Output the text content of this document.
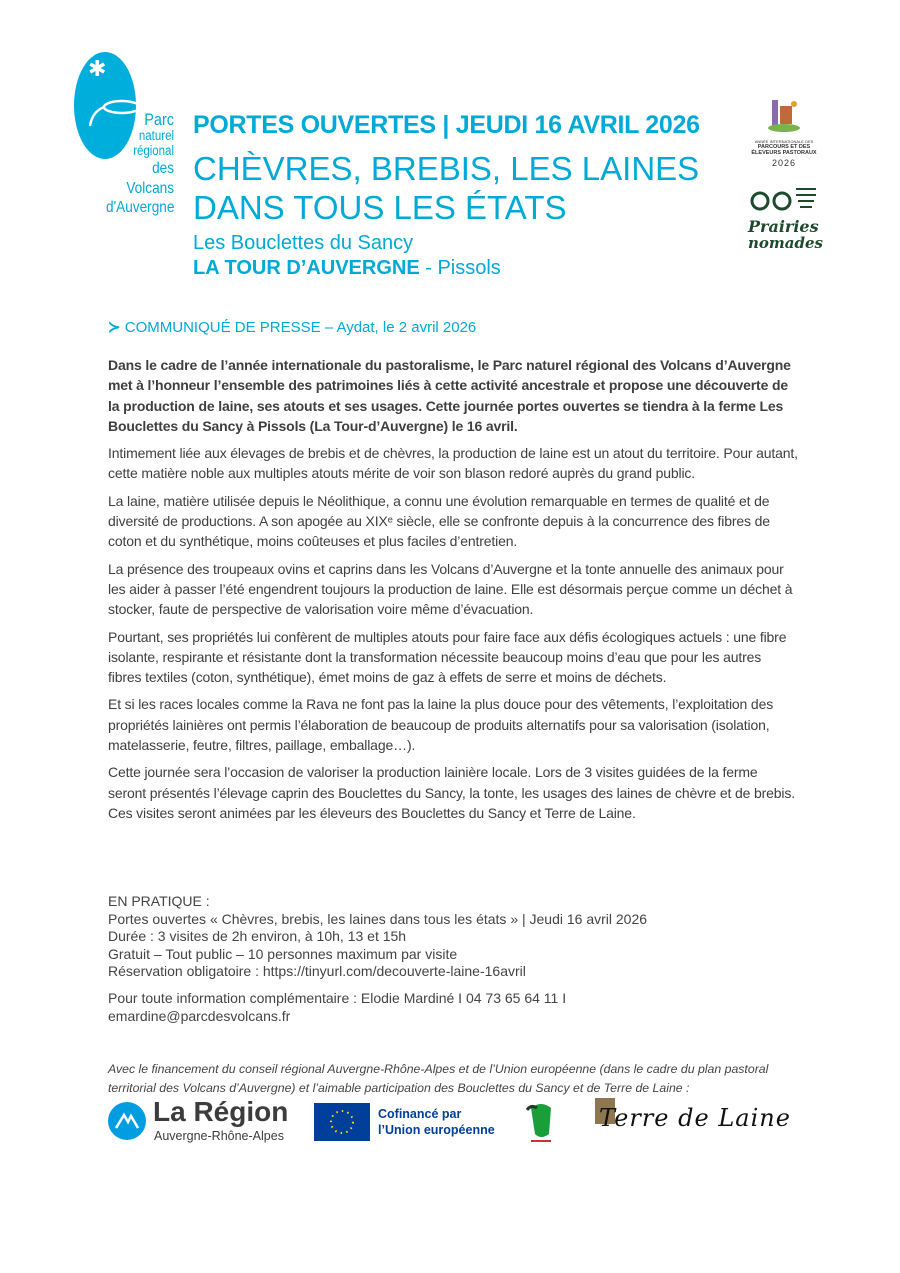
✱
Parc
naturel
régional
des Volcans
d'Auvergne
PORTES OUVERTES | JEUDI 16 AVRIL 2026
CHÈVRES, BREBIS, LES LAINES
DANS TOUS LES ÉTATS
Les Bouclettes du Sancy
LA TOUR D’AUVERGNE - Pissols
ANNÉE INTERNATIONALE DES
PARCOURS ET DES
ÉLEVEURS PASTORAUX
2026
Prairies
nomades
≻ COMMUNIQUÉ DE PRESSE – Aydat, le 2 avril 2026

Dans le cadre de l’année internationale du pastoralisme, le Parc naturel régional des Volcans d’Auvergne met à l’honneur l’ensemble des patrimoines liés à cette activité ancestrale et propose une découverte de la production de laine, ses atouts et ses usages. Cette journée portes ouvertes se tiendra à la ferme Les Bouclettes du Sancy à Pissols (La Tour-d’Auvergne) le 16 avril.

Intimement liée aux élevages de brebis et de chèvres, la production de laine est un atout du territoire. Pour autant, cette matière noble aux multiples atouts mérite de voir son blason redoré auprès du grand public.

La laine, matière utilisée depuis le Néolithique, a connu une évolution remarquable en termes de qualité et de diversité de productions. A son apogée au XIXᵉ siècle, elle se confronte depuis à la concurrence des fibres de coton et du synthétique, moins coûteuses et plus faciles d’entretien.

La présence des troupeaux ovins et caprins dans les Volcans d’Auvergne et la tonte annuelle des animaux pour les aider à passer l’été engendrent toujours la production de laine. Elle est désormais perçue comme un déchet à stocker, faute de perspective de valorisation voire même d’évacuation.

Pourtant, ses propriétés lui confèrent de multiples atouts pour faire face aux défis écologiques actuels : une fibre isolante, respirante et résistante dont la transformation nécessite beaucoup moins d’eau que pour les autres fibres textiles (coton, synthétique), émet moins de gaz à effets de serre et moins de déchets.

Et si les races locales comme la Rava ne font pas la laine la plus douce pour des vêtements, l’exploitation des propriétés lainières ont permis l’élaboration de beaucoup de produits alternatifs pour sa valorisation (isolation, matelasserie, feutre, filtres, paillage, emballage…).

Cette journée sera l’occasion de valoriser la production lainière locale. Lors de 3 visites guidées de la ferme seront présentés l’élevage caprin des Bouclettes du Sancy, la tonte, les usages des laines de chèvre et de brebis. Ces visites seront animées par les éleveurs des Bouclettes du Sancy et Terre de Laine.

EN PRATIQUE :
Portes ouvertes « Chèvres, brebis, les laines dans tous les états » | Jeudi 16 avril 2026
Durée : 3 visites de 2h environ, à 10h, 13 et 15h
Gratuit – Tout public – 10 personnes maximum par visite
Réservation obligatoire : https://tinyurl.com/decouverte-laine-16avril
Pour toute information complémentaire : Elodie Mardiné I 04 73 65 64 11 I
emardine@parcdesvolcans.fr
Avec le financement du conseil régional Auvergne-Rhône-Alpes et de l’Union européenne (dans le cadre du plan pastoral territorial des Volcans d’Auvergne) et l’aimable participation des Bouclettes du Sancy et de Terre de Laine :
La Région
Auvergne-Rhône-Alpes
Cofinancé par
l’Union européenne	Terre de Laine
